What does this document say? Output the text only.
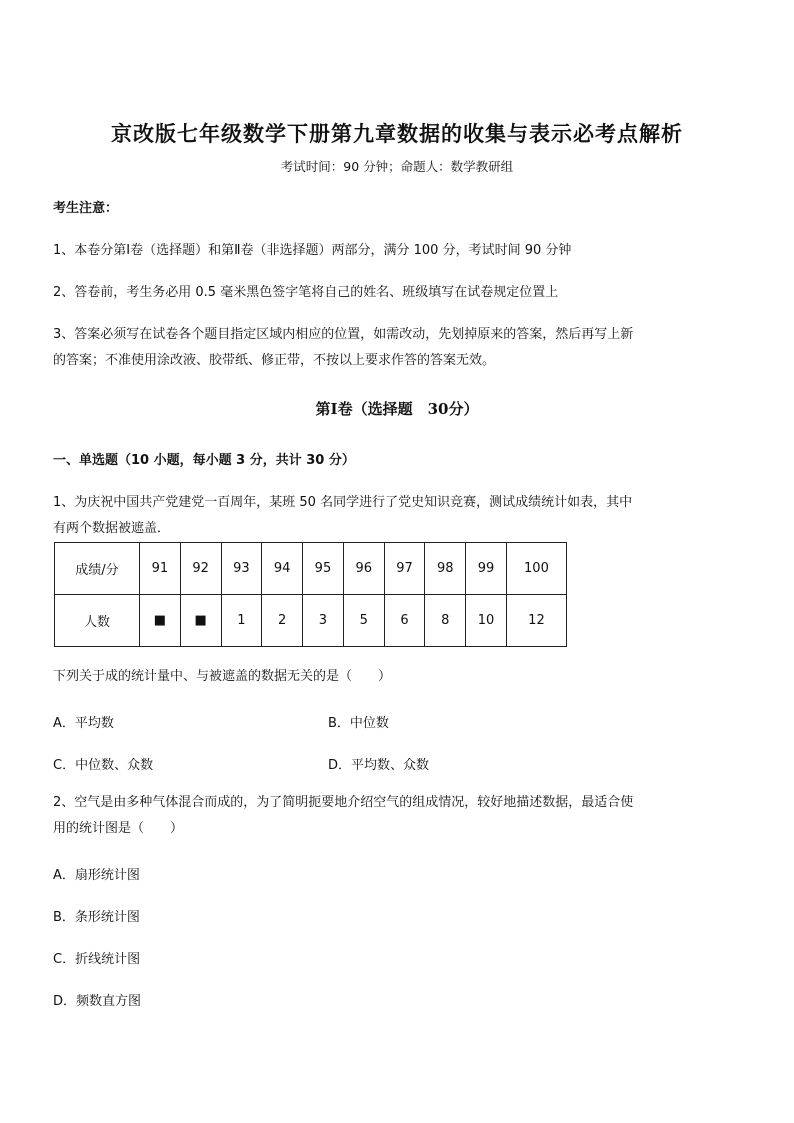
京改版七年级数学下册第九章数据的收集与表示必考点解析
考试时间：90 分钟；命题人：数学教研组
考生注意：
1、本卷分第Ⅰ卷（选择题）和第Ⅱ卷（非选择题）两部分，满分 100 分，考试时间 90 分钟
2、答卷前，考生务必用 0.5 毫米黑色签字笔将自己的姓名、班级填写在试卷规定位置上
3、答案必须写在试卷各个题目指定区域内相应的位置，如需改动，先划掉原来的答案，然后再写上新
的答案；不准使用涂改液、胶带纸、修正带，不按以上要求作答的答案无效。
第Ⅰ卷（选择题　30分）
一、单选题（10 小题，每小题 3 分，共计 30 分）
1、为庆祝中国共产党建党一百周年，某班 50 名同学进行了党史知识竞赛，测试成绩统计如表，其中
有两个数据被遮盖．
成绩/分	91	92	93	94	95	96	97	98	99	100
人数	■	■	1	2	3	5	6	8	10	12
下列关于成的统计量中、与被遮盖的数据无关的是（　　）
A．平均数	B．中位数
C．中位数、众数	D．平均数、众数
2、空气是由多种气体混合而成的，为了简明扼要地介绍空气的组成情况，较好地描述数据，最适合使
用的统计图是（　　）
A．扇形统计图
B．条形统计图
C．折线统计图
D．频数直方图
